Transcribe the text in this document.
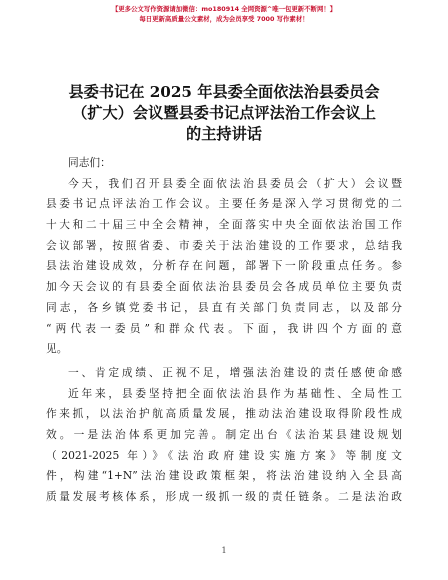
【更多公文写作资源请加微信：mo180914 全网资源^唯一包更新不断网！】
每日更新高质量公文素材，成为会员享受 7000 写作素材！
县委书记在 2025 年县委全面依法治县委员会
（扩大）会议暨县委书记点评法治工作会议上
的主持讲话
同志们：
今天，我们召开县委全面依法治县委员会（扩大）会议暨
县委书记点评法治工作会议。主要任务是深入学习贯彻党的二
十大和二十届三中全会精神，全面落实中央全面依法治国工作
会议部署，按照省委、市委关于法治建设的工作要求，总结我
县法治建设成效，分析存在问题，部署下一阶段重点任务。参
加今天会议的有县委全面依法治县委员会各成员单位主要负责
同志，各乡镇党委书记，县直有关部门负责同志，以及部分
“两代表一委员”和群众代表。下面，我讲四个方面的意
见。
一、肯定成绩、正视不足，增强法治建设的责任感使命感
近年来，县委坚持把全面依法治县作为基础性、全局性工
作来抓，以法治护航高质量发展，推动法治建设取得阶段性成
效。一是法治体系更加完善。制定出台《法治某县建设规划
（2021-2025 年）》《法治政府建设实施方案》等制度文
件，构建“1+N”法治建设政策框架，将法治建设纳入全县高
质量发展考核体系，形成一级抓一级的责任链条。二是法治政
1
